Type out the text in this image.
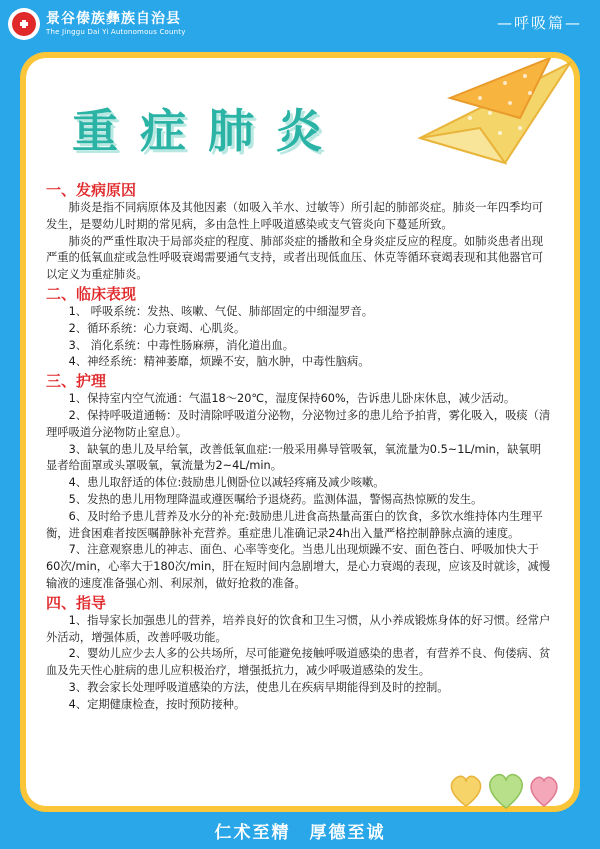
景谷傣族彝族自治县
The Jinggu Dai Yi Autonomous County	—呼吸篇—
重症肺炎

一、发病原因

肺炎是指不同病原体及其他因素（如吸入羊水、过敏等）所引起的肺部炎症。肺炎一年四季均可发生，是婴幼儿时期的常见病，多由急性上呼吸道感染或支气管炎向下蔓延所致。

肺炎的严重性取决于局部炎症的程度、肺部炎症的播散和全身炎症反应的程度。如肺炎患者出现严重的低氧血症或急性呼吸衰竭需要通气支持，或者出现低血压、休克等循环衰竭表现和其他器官可以定义为重症肺炎。

二、临床表现

1、 呼吸系统：发热、咳嗽、气促、肺部固定的中细湿罗音。

2、循环系统：心力衰竭、心肌炎。

3、 消化系统：中毒性肠麻痹，消化道出血。

4、神经系统：精神萎靡，烦躁不安，脑水肿，中毒性脑病。

三、护理

1、保持室内空气流通：气温18～20℃，湿度保持60%，告诉患儿卧床休息，减少活动。

2、保持呼吸道通畅：及时清除呼吸道分泌物，分泌物过多的患儿给予拍背，雾化吸入，吸痰（清理呼吸道分泌物防止窒息）。

3、缺氧的患儿及早给氧，改善低氧血症:一般采用鼻导管吸氧，氧流量为0.5~1L/min，缺氧明显者给面罩或头罩吸氧，氧流量为2~4L/min。

4、患儿取舒适的体位:鼓励患儿侧卧位以减轻疼痛及减少咳嗽。

5、发热的患儿用物理降温或遵医嘱给予退烧药。监测体温，警惕高热惊厥的发生。

6、及时给予患儿营养及水分的补充:鼓励患儿进食高热量高蛋白的饮食，多饮水维持体内生理平衡，进食困难者按医嘱静脉补充营养。重症患儿准确记录24h出入量严格控制静脉点滴的速度。

7、注意观察患儿的神志、面色、心率等变化。当患儿出现烦躁不安、面色苍白、呼吸加快大于60次/min，心率大于180次/min，肝在短时间内急剧增大，是心力衰竭的表现，应该及时就诊，减慢输液的速度准备强心剂、利尿剂，做好抢救的准备。

四、指导

1、指导家长加强患儿的营养，培养良好的饮食和卫生习惯，从小养成锻炼身体的好习惯。经常户外活动，增强体质，改善呼吸功能。

2、婴幼儿应少去人多的公共场所，尽可能避免接触呼吸道感染的患者，有营养不良、佝偻病、贫血及先天性心脏病的患儿应积极治疗，增强抵抗力，减少呼吸道感染的发生。

3、教会家长处理呼吸道感染的方法，使患儿在疾病早期能得到及时的控制。

4、定期健康检查，按时预防接种。

仁术至精　厚德至诚
